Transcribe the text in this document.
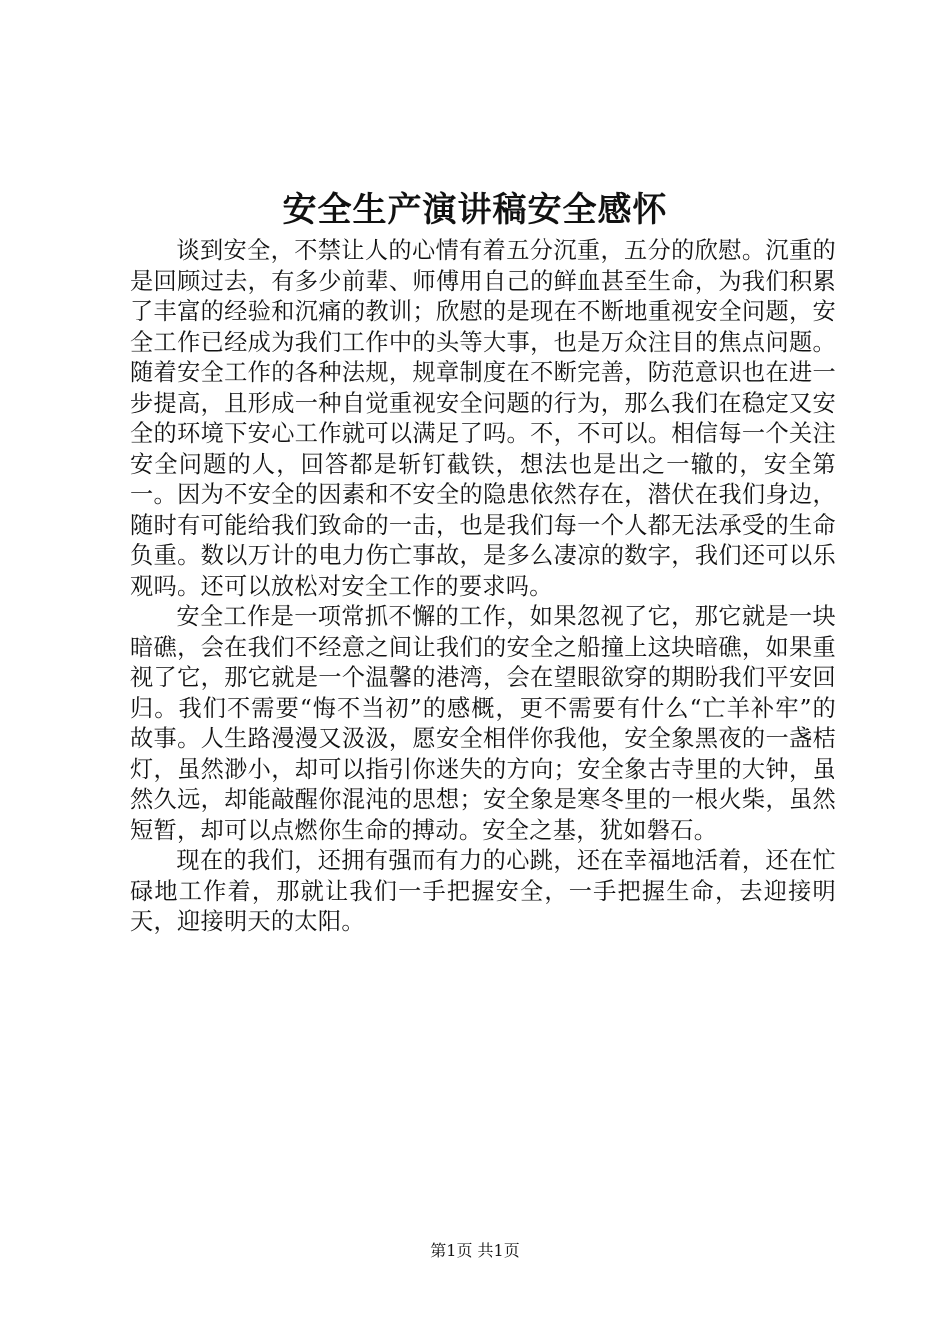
安全生产演讲稿安全感怀

谈到安全，不禁让人的心情有着五分沉重，五分的欣慰。沉重的是回顾过去，有多少前辈、师傅用自己的鲜血甚至生命，为我们积累了丰富的经验和沉痛的教训；欣慰的是现在不断地重视安全问题，安全工作已经成为我们工作中的头等大事，也是万众注目的焦点问题。随着安全工作的各种法规，规章制度在不断完善，防范意识也在进一步提高，且形成一种自觉重视安全问题的行为，那么我们在稳定又安全的环境下安心工作就可以满足了吗。不，不可以。相信每一个关注安全问题的人，回答都是斩钉截铁，想法也是出之一辙的，安全第一。因为不安全的因素和不安全的隐患依然存在，潜伏在我们身边，随时有可能给我们致命的一击，也是我们每一个人都无法承受的生命负重。数以万计的电力伤亡事故，是多么凄凉的数字，我们还可以乐观吗。还可以放松对安全工作的要求吗。

安全工作是一项常抓不懈的工作，如果忽视了它，那它就是一块暗礁，会在我们不经意之间让我们的安全之船撞上这块暗礁，如果重视了它，那它就是一个温馨的港湾，会在望眼欲穿的期盼我们平安回归。我们不需要“悔不当初”的感概，更不需要有什么“亡羊补牢”的故事。人生路漫漫又汲汲，愿安全相伴你我他，安全象黑夜的一盏桔灯，虽然渺小，却可以指引你迷失的方向；安全象古寺里的大钟，虽然久远，却能敲醒你混沌的思想；安全象是寒冬里的一根火柴，虽然短暂，却可以点燃你生命的搏动。安全之基，犹如磐石。

现在的我们，还拥有强而有力的心跳，还在幸福地活着，还在忙碌地工作着，那就让我们一手把握安全，一手把握生命，去迎接明天，迎接明天的太阳。

第1页 共1页
